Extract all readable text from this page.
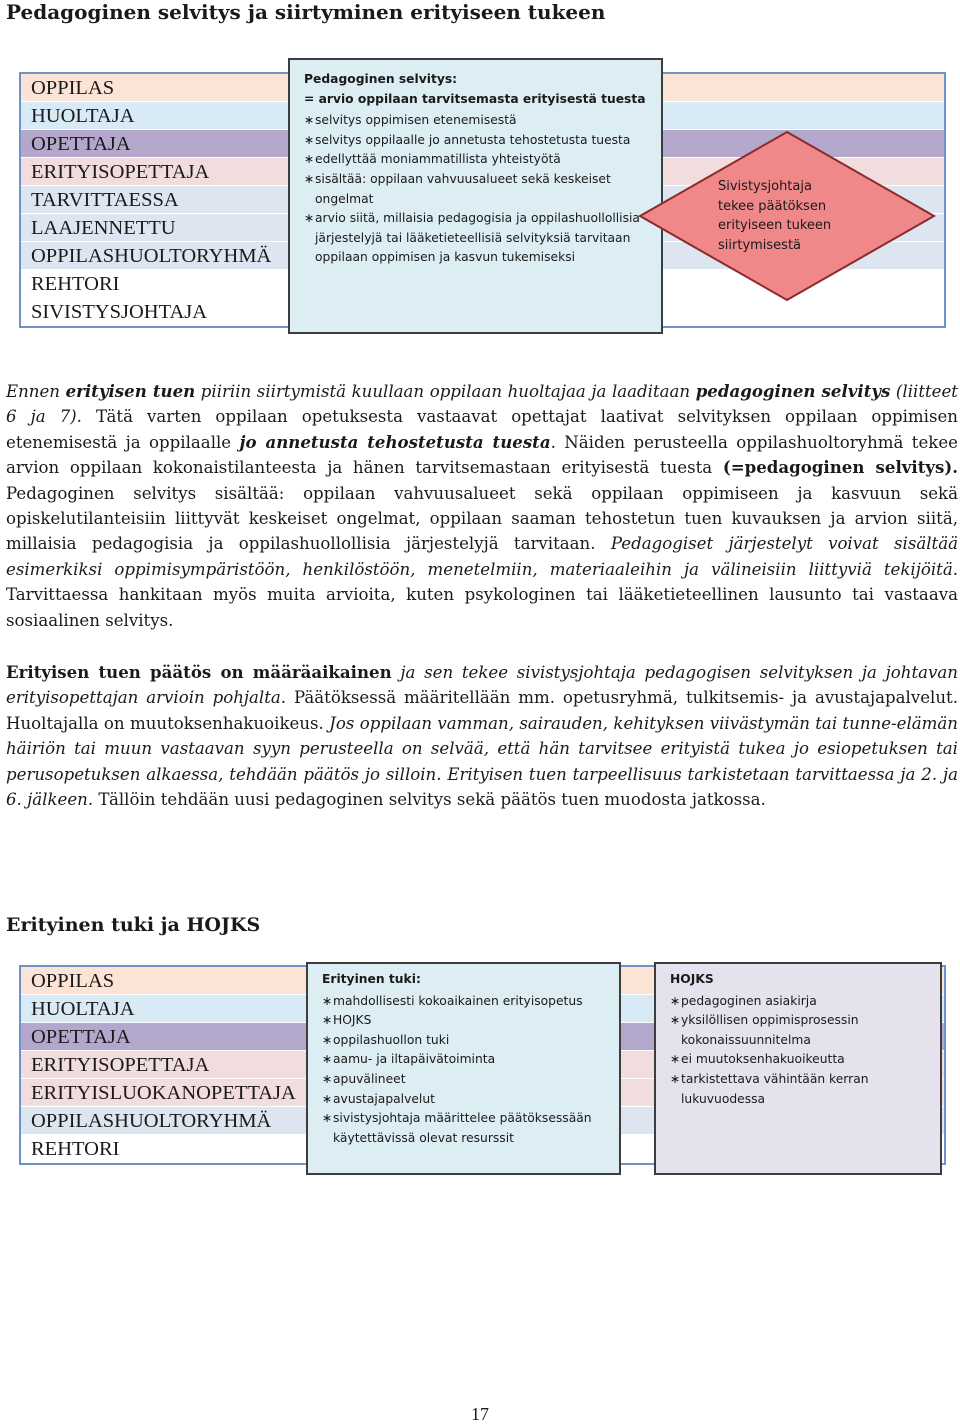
Pedagoginen selvitys ja siirtyminen erityiseen tukeen
OPPILAS
HUOLTAJA
OPETTAJA
ERITYISOPETTAJA
TARVITTAESSA
LAAJENNETTU
OPPILASHUOLTORYHMÄ
REHTORI
SIVISTYSJOHTAJA
Pedagoginen selvitys:
= arvio oppilaan tarvitsemasta erityisestä tuesta
∗ selvitys oppimisen etenemisestä
∗ selvitys oppilaalle jo annetusta tehostetusta tuesta
∗ edellyttää moniammatillista yhteistyötä
∗ sisältää: oppilaan vahvuusalueet sekä keskeiset ongelmat
∗ arvio siitä, millaisia pedagogisia ja oppilashuollollisia järjestelyjä tai lääketieteellisiä selvityksiä tarvitaan oppilaan oppimisen ja kasvun tukemiseksi
Sivistysjohtaja tekee päätöksen erityiseen tukeen siirtymisestä

Ennen erityisen tuen piiriin siirtymistä kuullaan oppilaan huoltajaa ja laaditaan pedagoginen selvitys (liitteet 6 ja 7). Tätä varten oppilaan opetuksesta vastaavat opettajat laativat selvityksen oppilaan oppimisen etenemisestä ja oppilaalle jo annetusta tehostetusta tuesta. Näiden perusteella oppilashuoltoryhmä tekee arvion oppilaan kokonaistilanteesta ja hänen tarvitsemastaan erityisestä tuesta (=pedagoginen selvitys). Pedagoginen selvitys sisältää: oppilaan vahvuusalueet sekä oppilaan oppimiseen ja kasvuun sekä opiskelutilanteisiin liittyvät keskeiset ongelmat, oppilaan saaman tehostetun tuen kuvauksen ja arvion siitä, millaisia pedagogisia ja oppilashuollollisia järjestelyjä tarvitaan. Pedagogiset järjestelyt voivat sisältää esimerkiksi oppimisympäristöön, henkilöstöön, menetelmiin, materiaaleihin ja välineisiin liittyviä tekijöitä. Tarvittaessa hankitaan myös muita arvioita, kuten psykologinen tai lääketieteellinen lausunto tai vastaava sosiaalinen selvitys.

Erityisen tuen päätös on määräaikainen ja sen tekee sivistysjohtaja pedagogisen selvityksen ja johtavan erityisopettajan arvioin pohjalta. Päätöksessä määritellään mm. opetusryhmä, tulkitsemis- ja avustajapalvelut. Huoltajalla on muutoksenhakuoikeus. Jos oppilaan vamman, sairauden, kehityksen viivästymän tai tunne-elämän häiriön tai muun vastaavan syyn perusteella on selvää, että hän tarvitsee erityistä tukea jo esiopetuksen tai perusopetuksen alkaessa, tehdään päätös jo silloin. Erityisen tuen tarpeellisuus tarkistetaan tarvittaessa ja 2. ja 6. jälkeen. Tällöin tehdään uusi pedagoginen selvitys sekä päätös tuen muodosta jatkossa.

Erityinen tuki ja HOJKS
OPPILAS
HUOLTAJA
OPETTAJA
ERITYISOPETTAJA
ERITYISLUOKANOPETTAJA
OPPILASHUOLTORYHMÄ
REHTORI
Erityinen tuki:
∗ mahdollisesti kokoaikainen erityisopetus
∗ HOJKS
∗ oppilashuollon tuki
∗ aamu- ja iltapäivätoiminta
∗ apuvälineet
∗ avustajapalvelut
∗ sivistysjohtaja määrittelee päätöksessään käytettävissä olevat resurssit
HOJKS
∗ pedagoginen asiakirja
∗ yksilöllisen oppimisprosessin kokonaissuunnitelma
∗ ei muutoksenhakuoikeutta
∗ tarkistettava vähintään kerran lukuvuodessa
17
